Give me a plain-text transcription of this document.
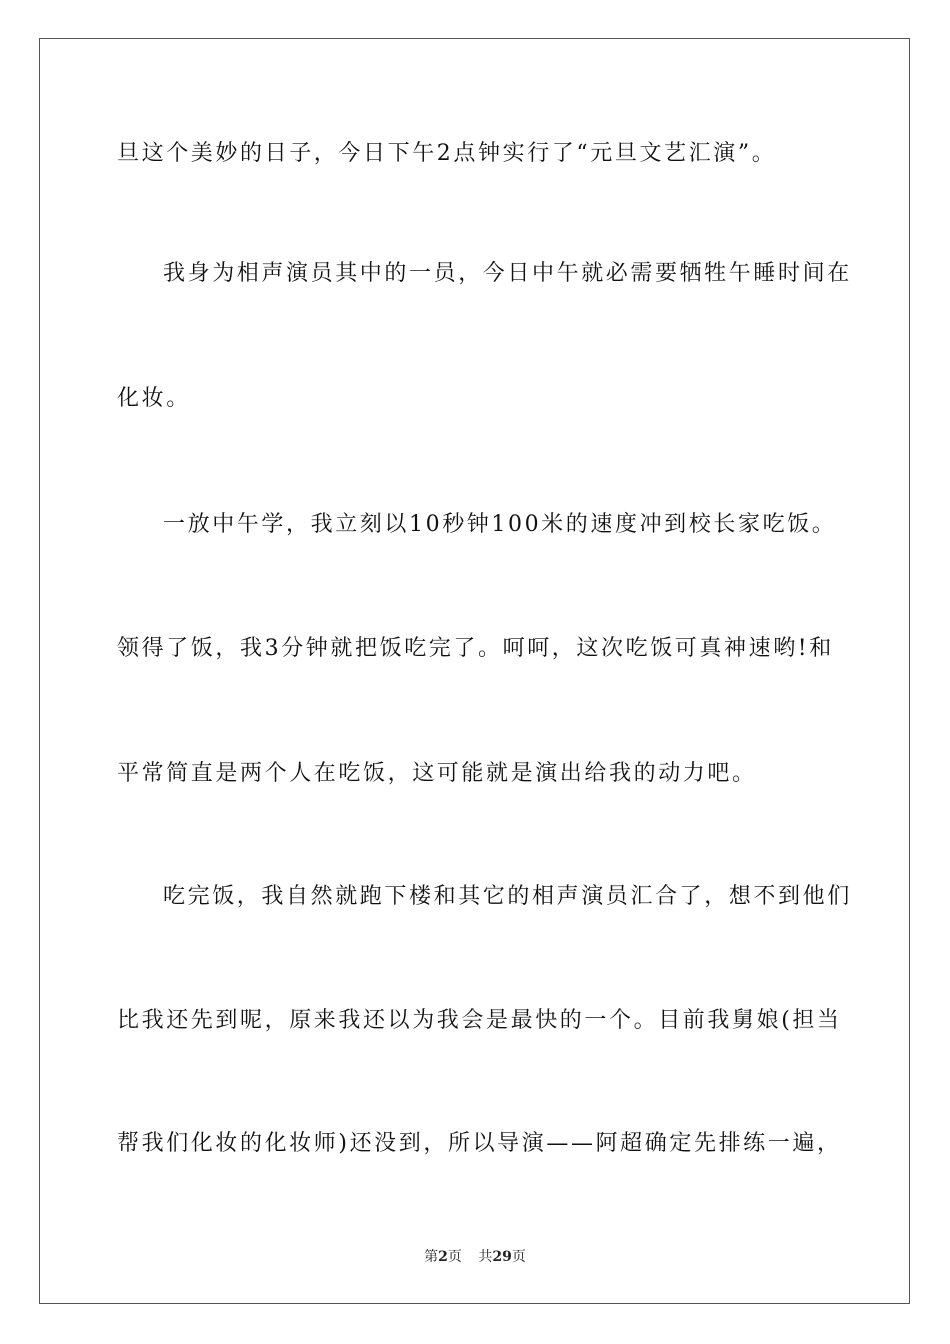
旦这个美妙的日子，今日下午2点钟实行了“元旦文艺汇演”。
我身为相声演员其中的一员，今日中午就必需要牺牲午睡时间在
化妆。
一放中午学，我立刻以10秒钟100米的速度冲到校长家吃饭。
领得了饭，我3分钟就把饭吃完了。呵呵，这次吃饭可真神速哟!和
平常简直是两个人在吃饭，这可能就是演出给我的动力吧。
吃完饭，我自然就跑下楼和其它的相声演员汇合了，想不到他们
比我还先到呢，原来我还以为我会是最快的一个。目前我舅娘(担当
帮我们化妆的化妆师)还没到，所以导演——阿超确定先排练一遍，
第2页 共29页
